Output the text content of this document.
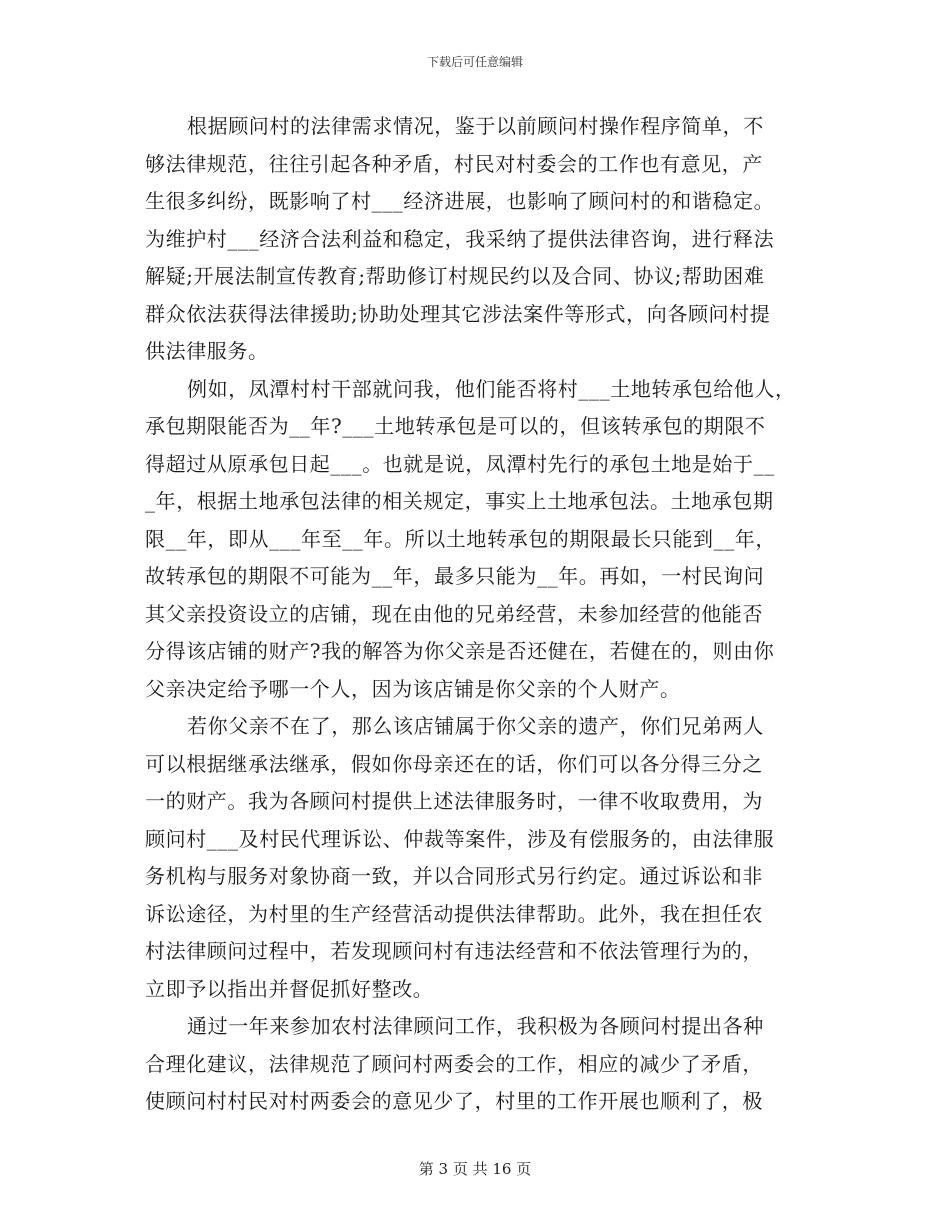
下载后可任意编辑
根据顾问村的法律需求情况，鉴于以前顾问村操作程序简单，不
够法律规范，往往引起各种矛盾，村民对村委会的工作也有意见，产
生很多纠纷，既影响了村___经济进展，也影响了顾问村的和谐稳定。
为维护村___经济合法利益和稳定，我采纳了提供法律咨询，进行释法
解疑;开展法制宣传教育;帮助修订村规民约以及合同、协议;帮助困难
群众依法获得法律援助;协助处理其它涉法案件等形式，向各顾问村提
供法律服务。
例如，凤潭村村干部就问我，他们能否将村___土地转承包给他人，
承包期限能否为__年?___土地转承包是可以的，但该转承包的期限不
得超过从原承包日起___。也就是说，凤潭村先行的承包土地是始于__
_年，根据土地承包法律的相关规定，事实上土地承包法。土地承包期
限__年，即从___年至__年。所以土地转承包的期限最长只能到__年，
故转承包的期限不可能为__年，最多只能为__年。再如，一村民询问
其父亲投资设立的店铺，现在由他的兄弟经营，未参加经营的他能否
分得该店铺的财产?我的解答为你父亲是否还健在，若健在的，则由你
父亲决定给予哪一个人，因为该店铺是你父亲的个人财产。
若你父亲不在了，那么该店铺属于你父亲的遗产，你们兄弟两人
可以根据继承法继承，假如你母亲还在的话，你们可以各分得三分之
一的财产。我为各顾问村提供上述法律服务时，一律不收取费用，为
顾问村___及村民代理诉讼、仲裁等案件，涉及有偿服务的，由法律服
务机构与服务对象协商一致，并以合同形式另行约定。通过诉讼和非
诉讼途径，为村里的生产经营活动提供法律帮助。此外，我在担任农
村法律顾问过程中，若发现顾问村有违法经营和不依法管理行为的，
立即予以指出并督促抓好整改。
通过一年来参加农村法律顾问工作，我积极为各顾问村提出各种
合理化建议，法律规范了顾问村两委会的工作，相应的减少了矛盾，
使顾问村村民对村两委会的意见少了，村里的工作开展也顺利了，极
第 3 页 共 16 页
